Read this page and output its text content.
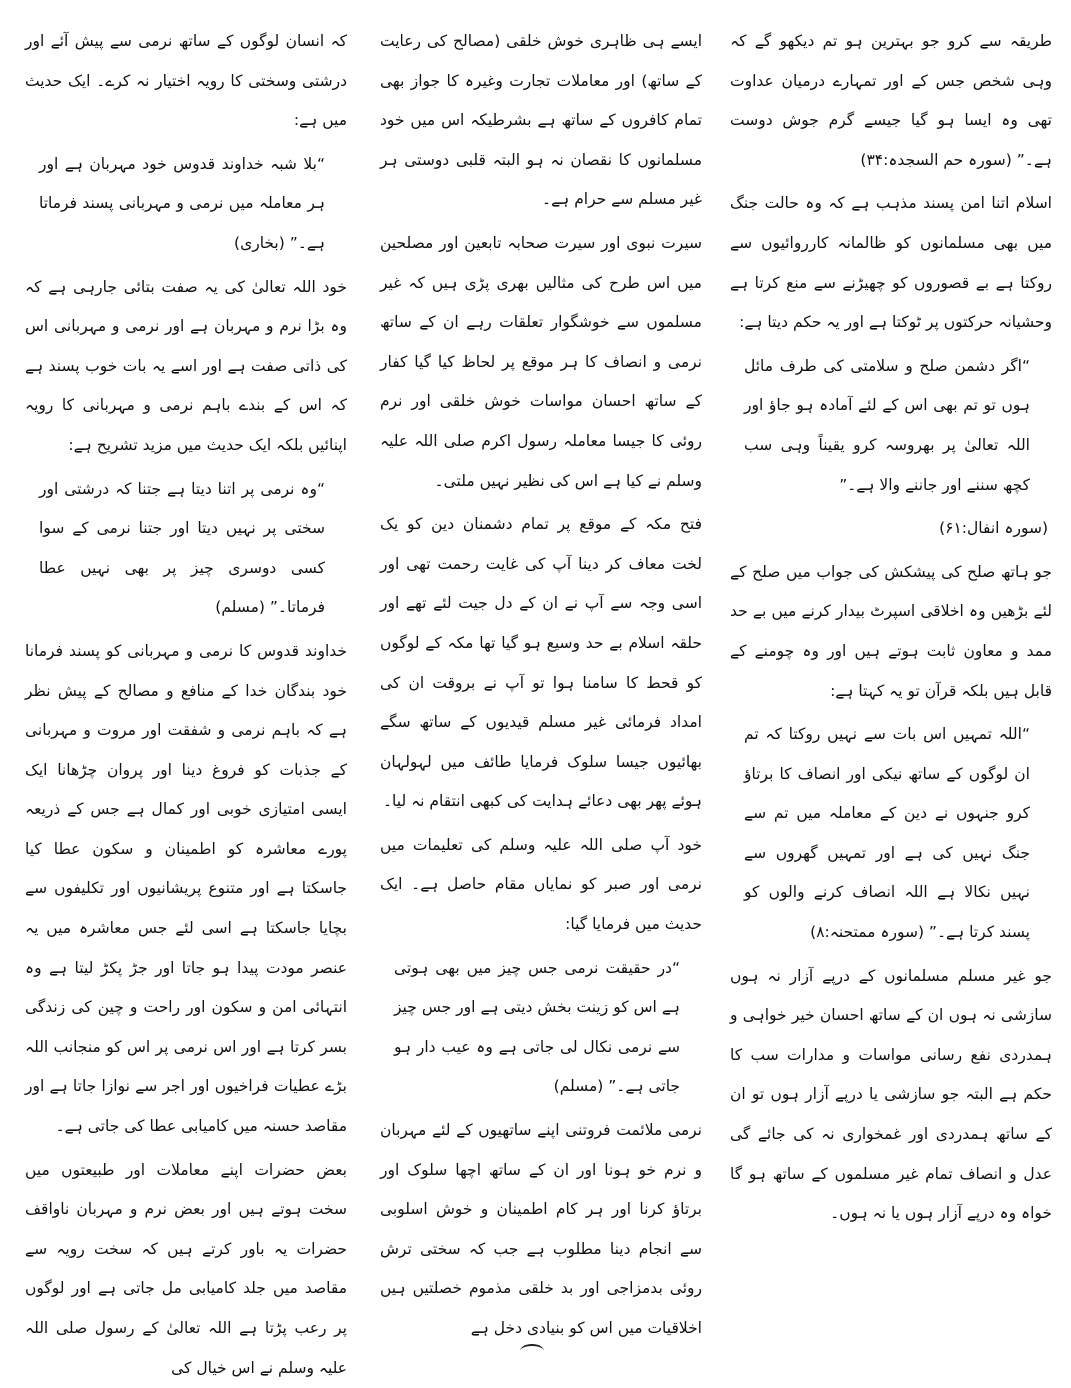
طریقہ سے کرو جو بہترین ہو تم دیکھو گے کہ وہی شخص جس کے اور تمہارے درمیان عداوت تھی وہ ایسا ہو گیا جیسے گرم جوش دوست ہے۔” (سورہ حم السجدہ:۳۴)

اسلام اتنا امن پسند مذہب ہے کہ وہ حالت جنگ میں بھی مسلمانوں کو ظالمانہ کارروائیوں سے روکتا ہے بے قصوروں کو چھیڑنے سے منع کرتا ہے وحشیانہ حرکتوں پر ٹوکتا ہے اور یہ حکم دیتا ہے:

“اگر دشمن صلح و سلامتی کی طرف مائل ہوں تو تم بھی اس کے لئے آمادہ ہو جاؤ اور اللہ تعالیٰ پر بھروسہ کرو یقیناً وہی سب کچھ سننے اور جاننے والا ہے۔”

(سورہ انفال:۶۱)

جو ہاتھ صلح کی پیشکش کی جواب میں صلح کے لئے بڑھیں وہ اخلاقی اسپرٹ بیدار کرنے میں بے حد ممد و معاون ثابت ہوتے ہیں اور وہ چومنے کے قابل ہیں بلکہ قرآن تو یہ کہتا ہے:

“اللہ تمہیں اس بات سے نہیں روکتا کہ تم ان لوگوں کے ساتھ نیکی اور انصاف کا برتاؤ کرو جنہوں نے دین کے معاملہ میں تم سے جنگ نہیں کی ہے اور تمہیں گھروں سے نہیں نکالا ہے اللہ انصاف کرنے والوں کو پسند کرتا ہے۔” (سورہ ممتحنہ:۸)

جو غیر مسلم مسلمانوں کے درپے آزار نہ ہوں سازشی نہ ہوں ان کے ساتھ احسان خیر خواہی و ہمدردی نفع رسانی مواسات و مدارات سب کا حکم ہے البتہ جو سازشی یا درپے آزار ہوں تو ان کے ساتھ ہمدردی اور غمخواری نہ کی جائے گی عدل و انصاف تمام غیر مسلموں کے ساتھ ہو گا خواہ وہ درپے آزار ہوں یا نہ ہوں۔

ایسے ہی ظاہری خوش خلقی (مصالح کی رعایت کے ساتھ) اور معاملات تجارت وغیرہ کا جواز بھی تمام کافروں کے ساتھ ہے بشرطیکہ اس میں خود مسلمانوں کا نقصان نہ ہو البتہ قلبی دوستی ہر غیر مسلم سے حرام ہے۔

سیرت نبوی اور سیرت صحابہ تابعین اور مصلحین میں اس طرح کی مثالیں بھری پڑی ہیں کہ غیر مسلموں سے خوشگوار تعلقات رہے ان کے ساتھ نرمی و انصاف کا ہر موقع پر لحاظ کیا گیا کفار کے ساتھ احسان مواسات خوش خلقی اور نرم روئی کا جیسا معاملہ رسول اکرم صلی اللہ علیہ وسلم نے کیا ہے اس کی نظیر نہیں ملتی۔

فتح مکہ کے موقع پر تمام دشمنان دین کو یک لخت معاف کر دینا آپ کی غایت رحمت تھی اور اسی وجہ سے آپ نے ان کے دل جیت لئے تھے اور حلقہ اسلام بے حد وسیع ہو گیا تھا مکہ کے لوگوں کو قحط کا سامنا ہوا تو آپ نے بروقت ان کی امداد فرمائی غیر مسلم قیدیوں کے ساتھ سگے بھائیوں جیسا سلوک فرمایا طائف میں لہولہان ہوئے پھر بھی دعائے ہدایت کی کبھی انتقام نہ لیا۔

خود آپ صلی اللہ علیہ وسلم کی تعلیمات میں نرمی اور صبر کو نمایاں مقام حاصل ہے۔ ایک حدیث میں فرمایا گیا:

“در حقیقت نرمی جس چیز میں بھی ہوتی ہے اس کو زینت بخش دیتی ہے اور جس چیز سے نرمی نکال لی جاتی ہے وہ عیب دار ہو جاتی ہے۔” (مسلم)

نرمی ملائمت فروتنی اپنے ساتھیوں کے لئے مہربان و نرم خو ہونا اور ان کے ساتھ اچھا سلوک اور برتاؤ کرنا اور ہر کام اطمینان و خوش اسلوبی سے انجام دینا مطلوب ہے جب کہ سختی ترش روئی بدمزاجی اور بد خلقی مذموم خصلتیں ہیں اخلاقیات میں اس کو بنیادی دخل ہے

کہ انسان لوگوں کے ساتھ نرمی سے پیش آئے اور درشتی وسختی کا رویہ اختیار نہ کرے۔ ایک حدیث میں ہے:

“بلا شبہ خداوند قدوس خود مہربان ہے اور ہر معاملہ میں نرمی و مہربانی پسند فرماتا ہے۔” (بخاری)

خود اللہ تعالیٰ کی یہ صفت بتائی جارہی ہے کہ وہ بڑا نرم و مہربان ہے اور نرمی و مہربانی اس کی ذاتی صفت ہے اور اسے یہ بات خوب پسند ہے کہ اس کے بندے باہم نرمی و مہربانی کا رویہ اپنائیں بلکہ ایک حدیث میں مزید تشریح ہے:

“وہ نرمی پر اتنا دیتا ہے جتنا کہ درشتی اور سختی پر نہیں دیتا اور جتنا نرمی کے سوا کسی دوسری چیز پر بھی نہیں عطا فرماتا۔” (مسلم)

خداوند قدوس کا نرمی و مہربانی کو پسند فرمانا خود بندگان خدا کے منافع و مصالح کے پیش نظر ہے کہ باہم نرمی و شفقت اور مروت و مہربانی کے جذبات کو فروغ دینا اور پروان چڑھانا ایک ایسی امتیازی خوبی اور کمال ہے جس کے ذریعہ پورے معاشرہ کو اطمینان و سکون عطا کیا جاسکتا ہے اور متنوع پریشانیوں اور تکلیفوں سے بچایا جاسکتا ہے اسی لئے جس معاشرہ میں یہ عنصر مودت پیدا ہو جاتا اور جڑ پکڑ لیتا ہے وہ انتہائی امن و سکون اور راحت و چین کی زندگی بسر کرتا ہے اور اس نرمی پر اس کو منجانب اللہ بڑے عطیات فراخیوں اور اجر سے نوازا جاتا ہے اور مقاصد حسنہ میں کامیابی عطا کی جاتی ہے۔

بعض حضرات اپنے معاملات اور طبیعتوں میں سخت ہوتے ہیں اور بعض نرم و مہربان ناواقف حضرات یہ باور کرتے ہیں کہ سخت رویہ سے مقاصد میں جلد کامیابی مل جاتی ہے اور لوگوں پر رعب پڑتا ہے اللہ تعالیٰ کے رسول صلی اللہ علیہ وسلم نے اس خیال کی
